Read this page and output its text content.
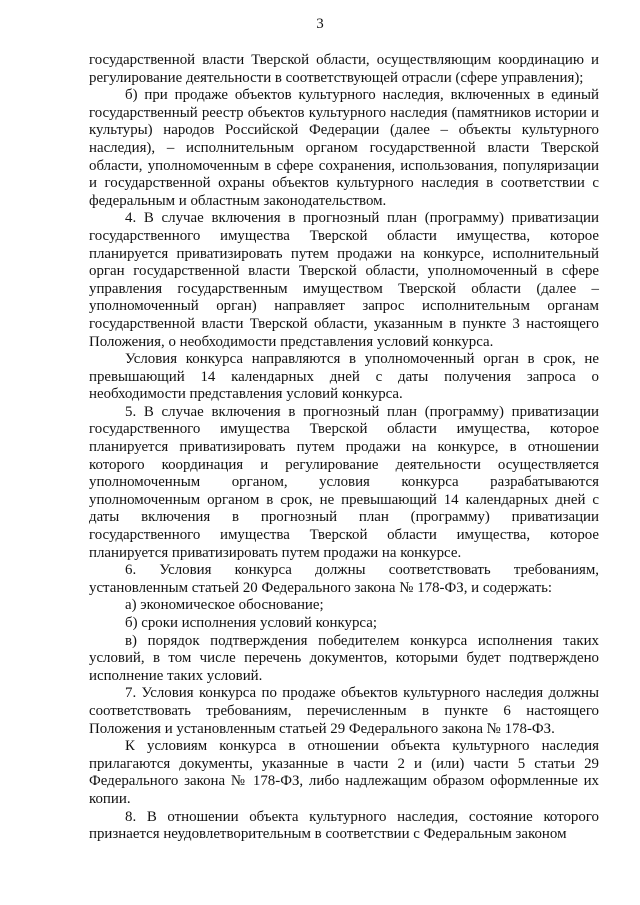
3

государственной власти Тверской области, осуществляющим координацию и регулирование деятельности в соответствующей отрасли (сфере управления);

б) при продаже объектов культурного наследия, включенных в единый государственный реестр объектов культурного наследия (памятников истории и культуры) народов Российской Федерации (далее – объекты культурного наследия), – исполнительным органом государственной власти Тверской области, уполномоченным в сфере сохранения, использования, популяризации и государственной охраны объектов культурного наследия в соответствии с федеральным и областным законодательством.

4. В случае включения в прогнозный план (программу) приватизации государственного имущества Тверской области имущества, которое планируется приватизировать путем продажи на конкурсе, исполнительный орган государственной власти Тверской области, уполномоченный в сфере управления государственным имуществом Тверской области (далее – уполномоченный орган) направляет запрос исполнительным органам государственной власти Тверской области, указанным в пункте 3 настоящего Положения, о необходимости представления условий конкурса.

Условия конкурса направляются в уполномоченный орган в срок, не превышающий 14 календарных дней с даты получения запроса о необходимости представления условий конкурса.

5. В случае включения в прогнозный план (программу) приватизации государственного имущества Тверской области имущества, которое планируется приватизировать путем продажи на конкурсе, в отношении которого координация и регулирование деятельности осуществляется уполномоченным органом, условия конкурса разрабатываются уполномоченным органом в срок, не превышающий 14 календарных дней с даты включения в прогнозный план (программу) приватизации государственного имущества Тверской области имущества, которое планируется приватизировать путем продажи на конкурсе.

6. Условия конкурса должны соответствовать требованиям, установленным статьей 20 Федерального закона № 178-ФЗ, и содержать:

а) экономическое обоснование;

б) сроки исполнения условий конкурса;

в) порядок подтверждения победителем конкурса исполнения таких условий, в том числе перечень документов, которыми будет подтверждено исполнение таких условий.

7. Условия конкурса по продаже объектов культурного наследия должны соответствовать требованиям, перечисленным в пункте 6 настоящего Положения и установленным статьей 29 Федерального закона № 178-ФЗ.

К условиям конкурса в отношении объекта культурного наследия прилагаются документы, указанные в части 2 и (или) части 5 статьи 29 Федерального закона № 178-ФЗ, либо надлежащим образом оформленные их копии.

8. В отношении объекта культурного наследия, состояние которого признается неудовлетворительным в соответствии с Федеральным законом
